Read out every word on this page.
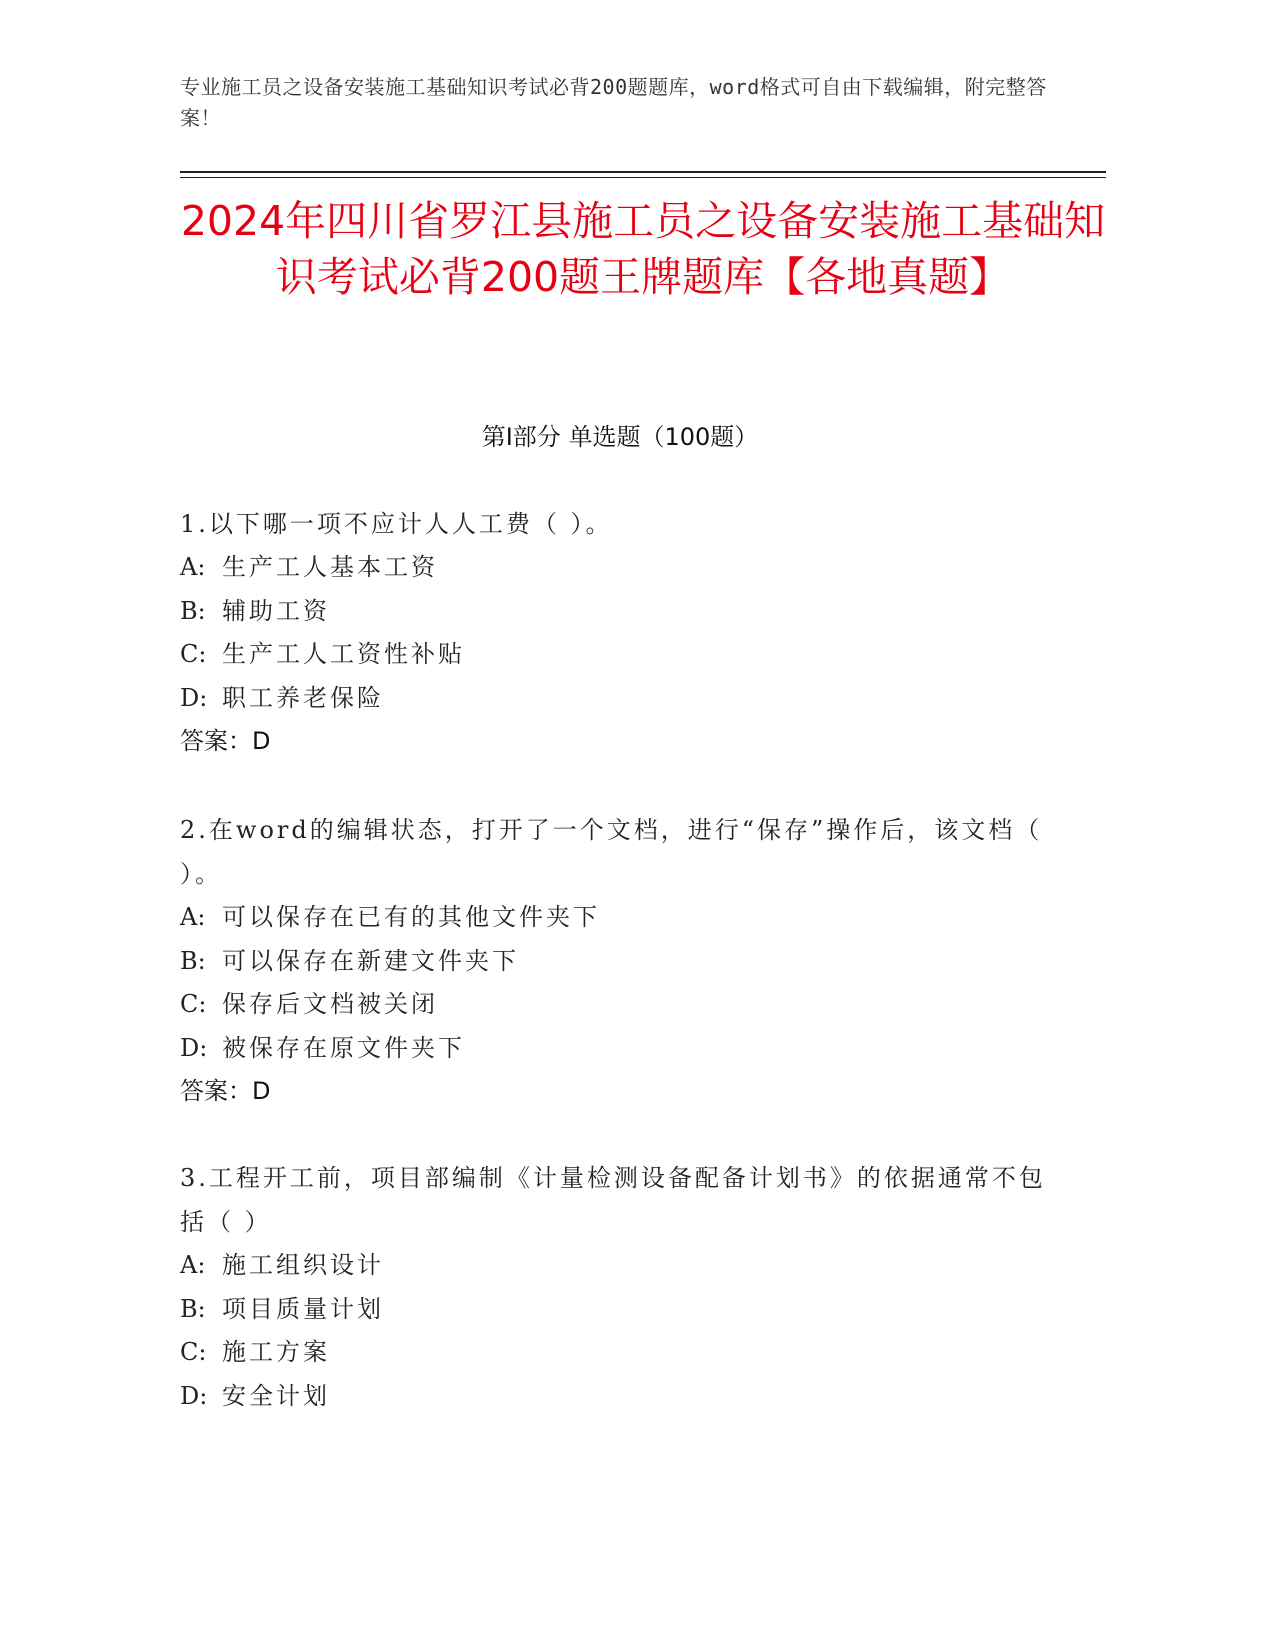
专业施工员之设备安装施工基础知识考试必背200题题库，word格式可自由下载编辑，附完整答案！
2024年四川省罗江县施工员之设备安装施工基础知识考试必背200题王牌题库【各地真题】
第I部分 单选题（100题）

1.以下哪一项不应计人人工费（ ）。

A: 生产工人基本工资

B: 辅助工资

C: 生产工人工资性补贴

D: 职工养老保险

答案：D

2.在word的编辑状态，打开了一个文档，进行“保存”操作后，该文档（ ）。

A: 可以保存在已有的其他文件夹下

B: 可以保存在新建文件夹下

C: 保存后文档被关闭

D: 被保存在原文件夹下

答案：D

3.工程开工前，项目部编制《计量检测设备配备计划书》的依据通常不包括（ ）

A: 施工组织设计

B: 项目质量计划

C: 施工方案

D: 安全计划
